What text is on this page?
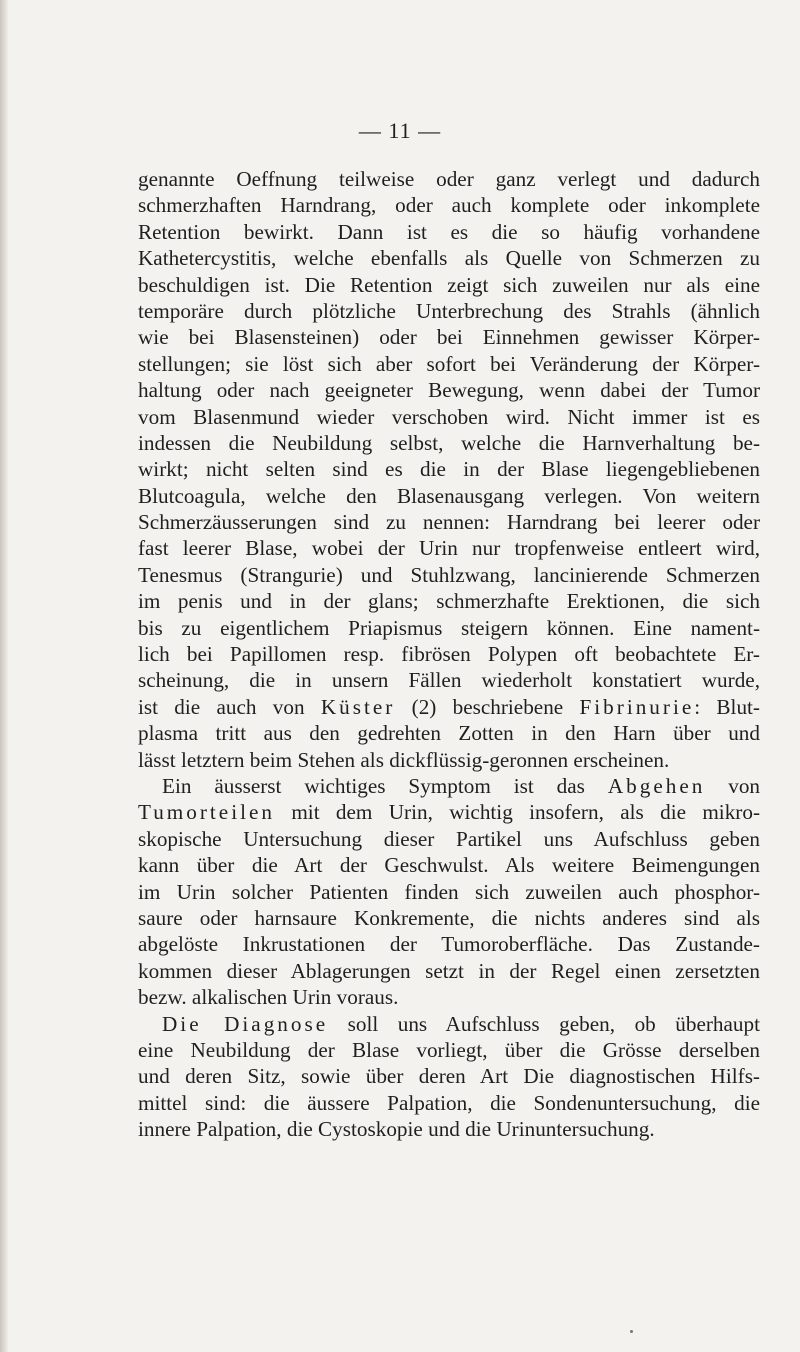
— 11 —
genannte Oeffnung teilweise oder ganz verlegt und dadurch
schmerzhaften Harndrang, oder auch komplete oder inkomplete
Retention bewirkt. Dann ist es die so häufig vorhandene
Kathetercystitis, welche ebenfalls als Quelle von Schmerzen zu
beschuldigen ist. Die Retention zeigt sich zuweilen nur als eine
temporäre durch plötzliche Unterbrechung des Strahls (ähnlich
wie bei Blasensteinen) oder bei Einnehmen gewisser Körper-
stellungen; sie löst sich aber sofort bei Veränderung der Körper-
haltung oder nach geeigneter Bewegung, wenn dabei der Tumor
vom Blasenmund wieder verschoben wird. Nicht immer ist es
indessen die Neubildung selbst, welche die Harnverhaltung be-
wirkt; nicht selten sind es die in der Blase liegengebliebenen
Blutcoagula, welche den Blasenausgang verlegen. Von weitern
Schmerzäusserungen sind zu nennen: Harndrang bei leerer oder
fast leerer Blase, wobei der Urin nur tropfenweise entleert wird,
Tenesmus (Strangurie) und Stuhlzwang, lancinierende Schmerzen
im penis und in der glans; schmerzhafte Erektionen, die sich
bis zu eigentlichem Priapismus steigern können. Eine nament-
lich bei Papillomen resp. fibrösen Polypen oft beobachtete Er-
scheinung, die in unsern Fällen wiederholt konstatiert wurde,
ist die auch von Küster (2) beschriebene Fibrinurie: Blut-
plasma tritt aus den gedrehten Zotten in den Harn über und
lässt letztern beim Stehen als dickflüssig-geronnen erscheinen.
Ein äusserst wichtiges Symptom ist das Abgehen von
Tumorteilen mit dem Urin, wichtig insofern, als die mikro-
skopische Untersuchung dieser Partikel uns Aufschluss geben
kann über die Art der Geschwulst. Als weitere Beimengungen
im Urin solcher Patienten finden sich zuweilen auch phosphor-
saure oder harnsaure Konkremente, die nichts anderes sind als
abgelöste Inkrustationen der Tumoroberfläche. Das Zustande-
kommen dieser Ablagerungen setzt in der Regel einen zersetzten
bezw. alkalischen Urin voraus.
Die Diagnose soll uns Aufschluss geben, ob überhaupt
eine Neubildung der Blase vorliegt, über die Grösse derselben
und deren Sitz, sowie über deren Art Die diagnostischen Hilfs-
mittel sind: die äussere Palpation, die Sondenuntersuchung, die
innere Palpation, die Cystoskopie und die Urinuntersuchung.
